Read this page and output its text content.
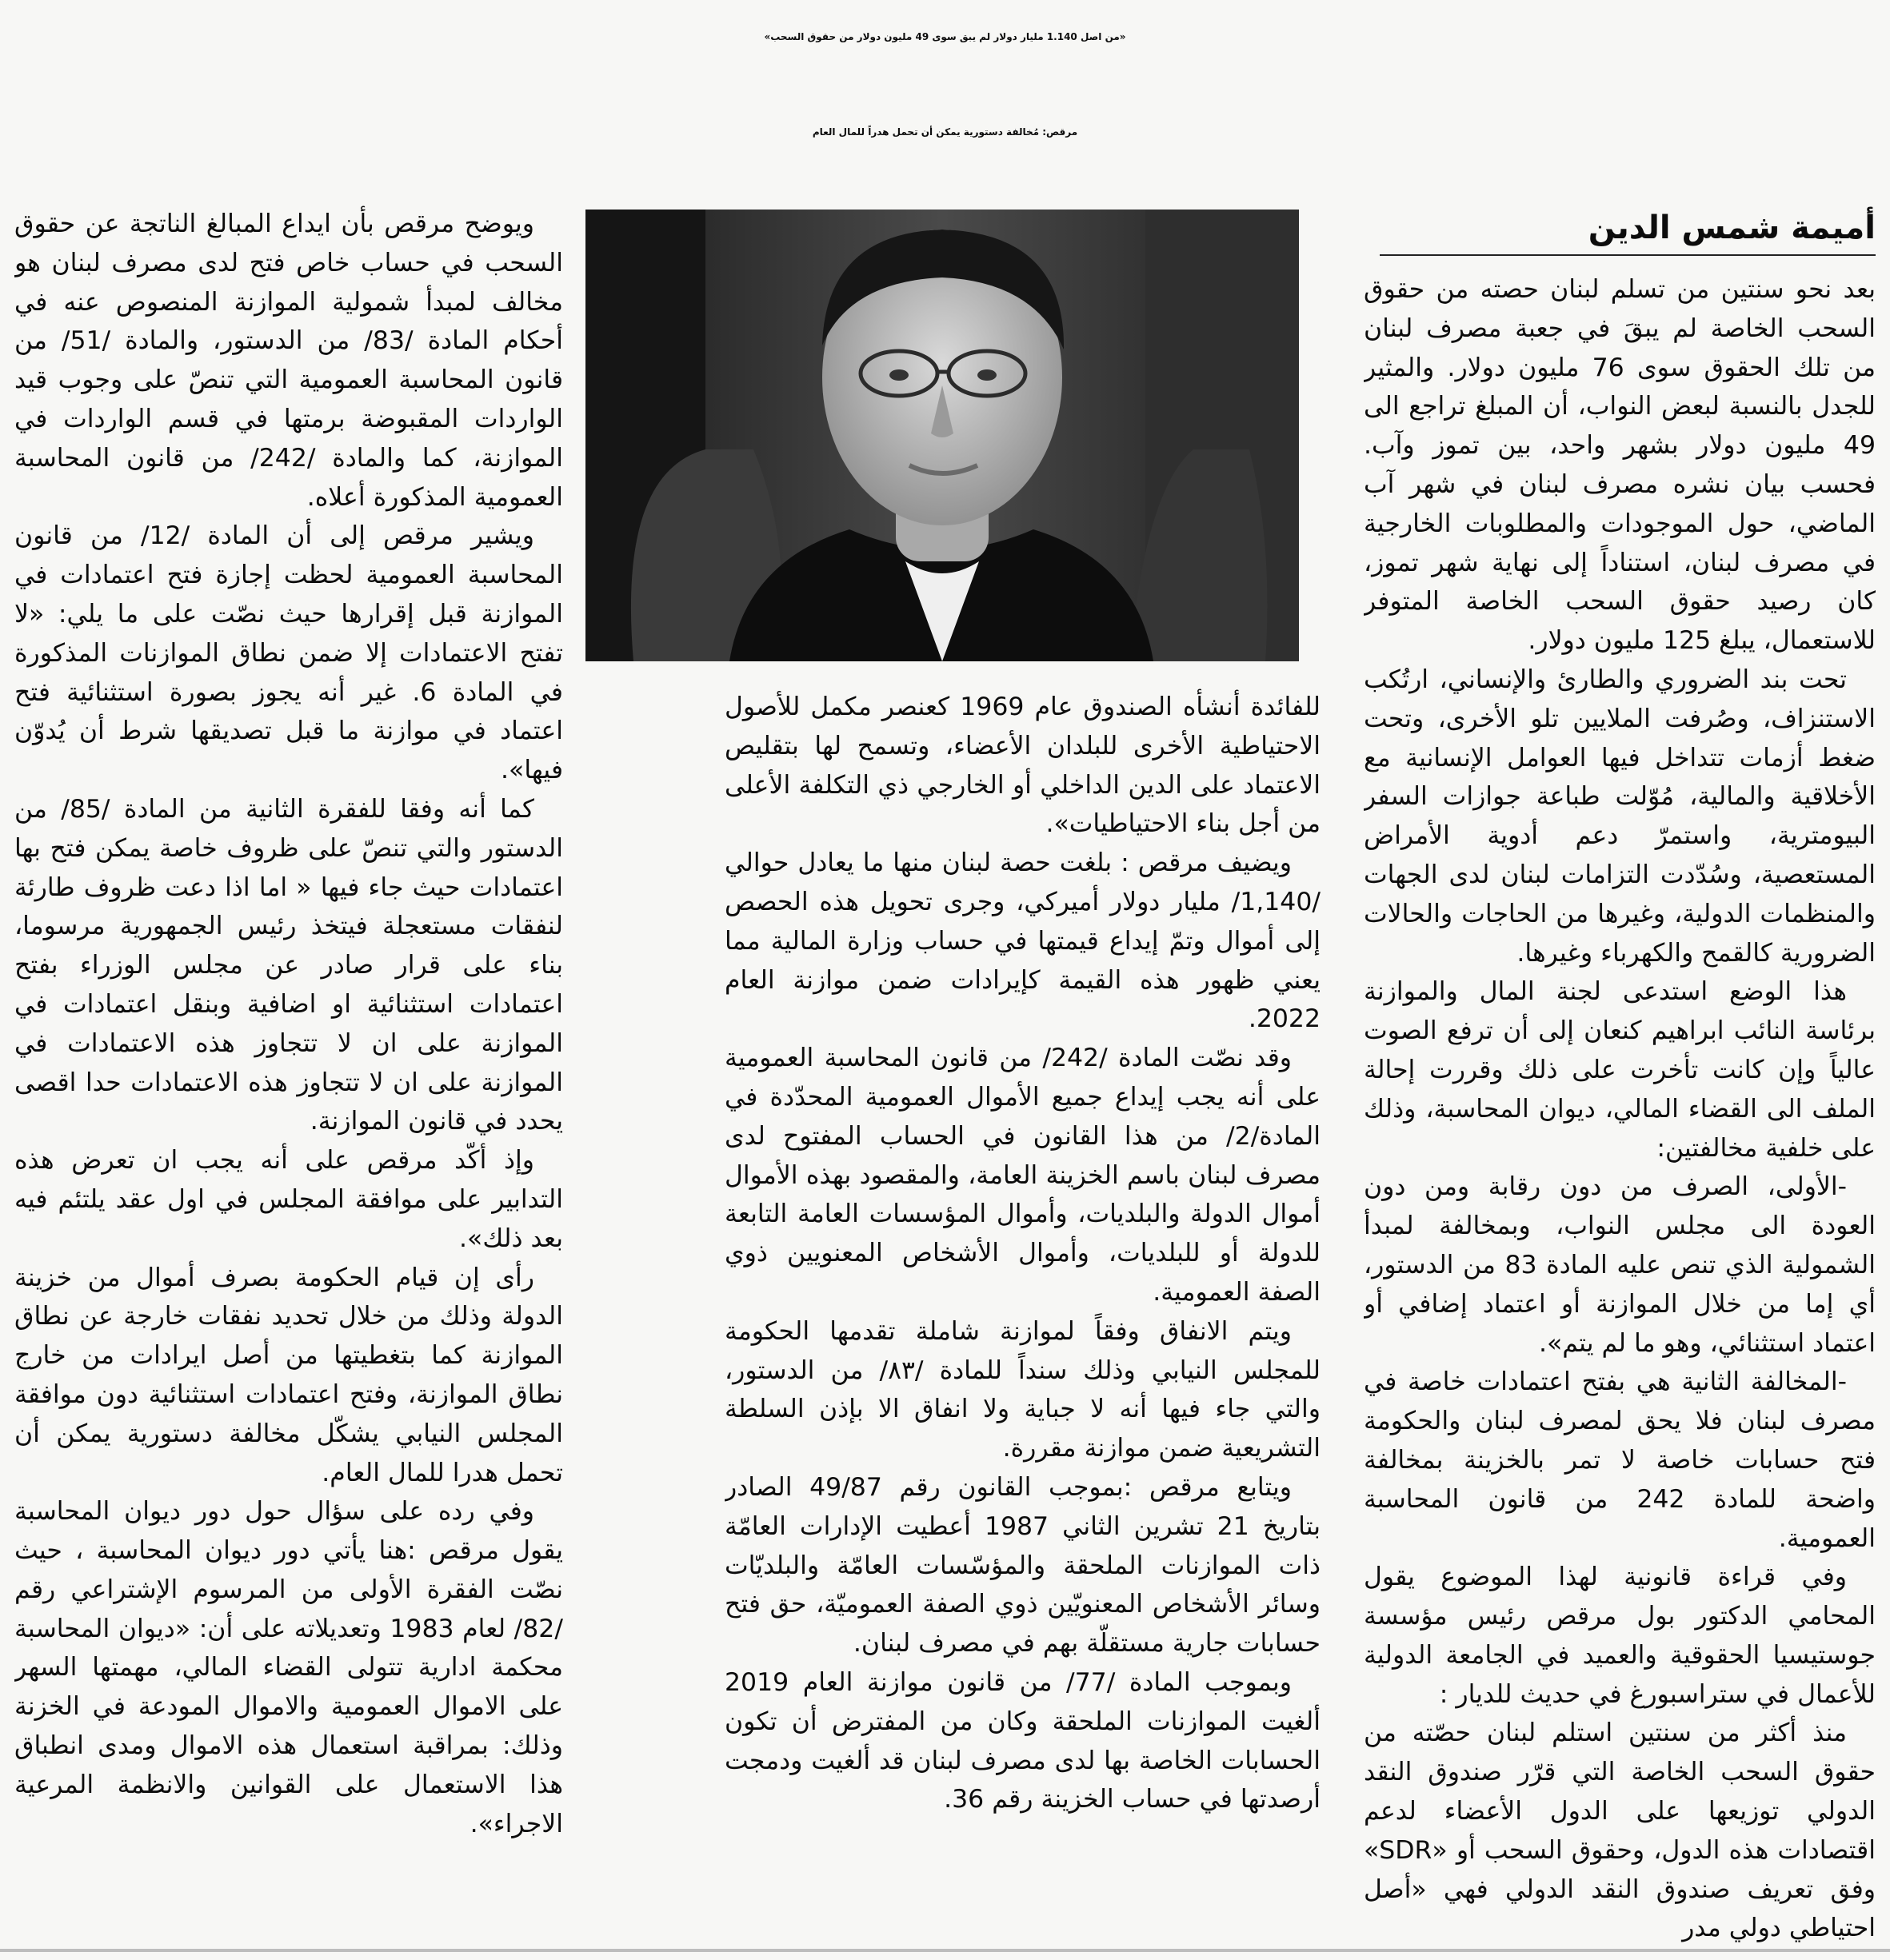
«من اصل 1.140 مليار دولار لم يبق سوى 49 مليون دولار من حقوق السحب»
مرقص: مُخالفة دستورية يمكن أن تحمل هدراً للمال العام
أميمة شمس الدين

بعد نحو سنتين من تسلم لبنان حصته من حقوق السحب الخاصة لم يبقَ في جعبة مصرف لبنان من تلك الحقوق سوى 76 مليون دولار. والمثير للجدل بالنسبة لبعض النواب، أن المبلغ تراجع الى 49 مليون دولار بشهر واحد، بين تموز وآب. فحسب بيان نشره مصرف لبنان في شهر آب الماضي، حول الموجودات والمطلوبات الخارجية في مصرف لبنان، استناداً إلى نهاية شهر تموز، كان رصيد حقوق السحب الخاصة المتوفر للاستعمال، يبلغ 125 مليون دولار.

تحت بند الضروري والطارئ والإنساني، ارتُكب الاستنزاف، وصُرفت الملايين تلو الأخرى، وتحت ضغط أزمات تتداخل فيها العوامل الإنسانية مع الأخلاقية والمالية، مُوّلت طباعة جوازات السفر البيومترية، واستمرّ دعم أدوية الأمراض المستعصية، وسُدّدت التزامات لبنان لدى الجهات والمنظمات الدولية، وغيرها من الحاجات والحالات الضرورية كالقمح والكهرباء وغيرها.

هذا الوضع استدعى لجنة المال والموازنة برئاسة النائب ابراهيم كنعان إلى أن ترفع الصوت عالياً وإن كانت تأخرت على ذلك وقررت إحالة الملف الى القضاء المالي، ديوان المحاسبة، وذلك على خلفية مخالفتين:

-الأولى، الصرف من دون رقابة ومن دون العودة الى مجلس النواب، وبمخالفة لمبدأ الشمولية الذي تنص عليه المادة 83 من الدستور، أي إما من خلال الموازنة أو اعتماد إضافي أو اعتماد استثنائي، وهو ما لم يتم».

-المخالفة الثانية هي بفتح اعتمادات خاصة في مصرف لبنان فلا يحق لمصرف لبنان والحكومة فتح حسابات خاصة لا تمر بالخزينة بمخالفة واضحة للمادة 242 من قانون المحاسبة العمومية.

وفي قراءة قانونية لهذا الموضوع يقول المحامي الدكتور بول مرقص رئيس مؤسسة جوستيسيا الحقوقية والعميد في الجامعة الدولية للأعمال في ستراسبورغ في حديث للديار :

منذ أكثر من سنتين استلم لبنان حصّته من حقوق السحب الخاصة التي قرّر صندوق النقد الدولي توزيعها على الدول الأعضاء لدعم اقتصادات هذه الدول، وحقوق السحب أو «SDR» وفق تعريف صندوق النقد الدولي فهي «أصل احتياطي دولي مدر

للفائدة أنشأه الصندوق عام 1969 كعنصر مكمل للأصول الاحتياطية الأخرى للبلدان الأعضاء، وتسمح لها بتقليص الاعتماد على الدين الداخلي أو الخارجي ذي التكلفة الأعلى من أجل بناء الاحتياطيات».

ويضيف مرقص : بلغت حصة لبنان منها ما يعادل حوالي /1,140/ مليار دولار أميركي، وجرى تحويل هذه الحصص إلى أموال وتمّ إيداع قيمتها في حساب وزارة المالية مما يعني ظهور هذه القيمة كإيرادات ضمن موازنة العام 2022.

وقد نصّت المادة /242/ من قانون المحاسبة العمومية على أنه يجب إيداع جميع الأموال العمومية المحدّدة في المادة/2/ من هذا القانون في الحساب المفتوح لدى مصرف لبنان باسم الخزينة العامة، والمقصود بهذه الأموال أموال الدولة والبلديات، وأموال المؤسسات العامة التابعة للدولة أو للبلديات، وأموال الأشخاص المعنويين ذوي الصفة العمومية.

ويتم الانفاق وفقاً لموازنة شاملة تقدمها الحكومة للمجلس النيابي وذلك سنداً للمادة /٨٣/ من الدستور، والتي جاء فيها أنه لا جباية ولا انفاق الا بإذن السلطة التشريعية ضمن موازنة مقررة.

ويتابع مرقص :بموجب القانون رقم 49/87 الصادر بتاريخ 21 تشرين الثاني 1987 أعطيت الإدارات العامّة ذات الموازنات الملحقة والمؤسّسات العامّة والبلديّات وسائر الأشخاص المعنويّين ذوي الصفة العموميّة، حق فتح حسابات جارية مستقلّة بهم في مصرف لبنان.

وبموجب المادة /77/ من قانون موازنة العام 2019 ألغيت الموازنات الملحقة وكان من المفترض أن تكون الحسابات الخاصة بها لدى مصرف لبنان قد ألغيت ودمجت أرصدتها في حساب الخزينة رقم 36.

ويوضح مرقص بأن ايداع المبالغ الناتجة عن حقوق السحب في حساب خاص فتح لدى مصرف لبنان هو مخالف لمبدأ شمولية الموازنة المنصوص عنه في أحكام المادة /83/ من الدستور، والمادة /51/ من قانون المحاسبة العمومية التي تنصّ على وجوب قيد الواردات المقبوضة برمتها في قسم الواردات في الموازنة، كما والمادة /242/ من قانون المحاسبة العمومية المذكورة أعلاه.

ويشير مرقص إلى أن المادة /12/ من قانون المحاسبة العمومية لحظت إجازة فتح اعتمادات في الموازنة قبل إقرارها حيث نصّت على ما يلي: «لا تفتح الاعتمادات إلا ضمن نطاق الموازنات المذكورة في المادة 6. غير أنه يجوز بصورة استثنائية فتح اعتماد في موازنة ما قبل تصديقها شرط أن يُدوّن فيها».

كما أنه وفقا للفقرة الثانية من المادة /85/ من الدستور والتي تنصّ على ظروف خاصة يمكن فتح بها اعتمادات حيث جاء فيها « اما اذا دعت ظروف طارئة لنفقات مستعجلة فيتخذ رئيس الجمهورية مرسوما، بناء على قرار صادر عن مجلس الوزراء بفتح اعتمادات استثنائية او اضافية وبنقل اعتمادات في الموازنة على ان لا تتجاوز هذه الاعتمادات في الموازنة على ان لا تتجاوز هذه الاعتمادات حدا اقصى يحدد في قانون الموازنة.

وإذ أكّد مرقص على أنه يجب ان تعرض هذه التدابير على موافقة المجلس في اول عقد يلتئم فيه بعد ذلك».

رأى إن قيام الحكومة بصرف أموال من خزينة الدولة وذلك من خلال تحديد نفقات خارجة عن نطاق الموازنة كما بتغطيتها من أصل ايرادات من خارج نطاق الموازنة، وفتح اعتمادات استثنائية دون موافقة المجلس النيابي يشكّل مخالفة دستورية يمكن أن تحمل هدرا للمال العام.

وفي رده على سؤال حول دور ديوان المحاسبة يقول مرقص :هنا يأتي دور ديوان المحاسبة ، حيث نصّت الفقرة الأولى من المرسوم الإشتراعي رقم /82/ لعام 1983 وتعديلاته على أن: «ديوان المحاسبة محكمة ادارية تتولى القضاء المالي، مهمتها السهر على الاموال العمومية والاموال المودعة في الخزنة وذلك: بمراقبة استعمال هذه الاموال ومدى انطباق هذا الاستعمال على القوانين والانظمة المرعية الاجراء».
